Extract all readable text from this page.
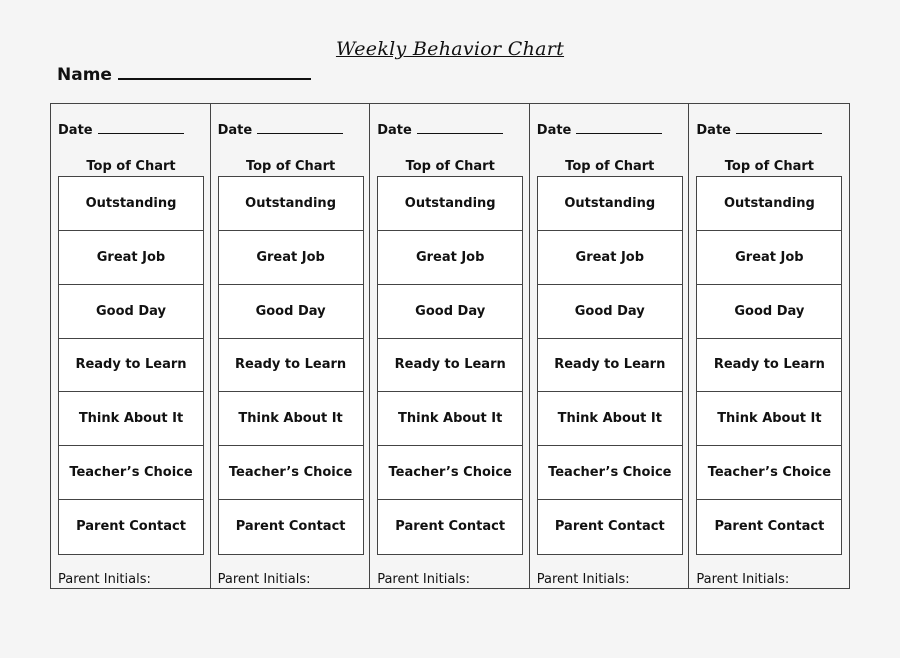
Weekly Behavior Chart
Name
Date
Top of Chart
Outstanding
Great Job
Good Day
Ready to Learn
Think About It
Teacher’s Choice
Parent Contact
Parent Initials:
Date
Top of Chart
Outstanding
Great Job
Good Day
Ready to Learn
Think About It
Teacher’s Choice
Parent Contact
Parent Initials:
Date
Top of Chart
Outstanding
Great Job
Good Day
Ready to Learn
Think About It
Teacher’s Choice
Parent Contact
Parent Initials:
Date
Top of Chart
Outstanding
Great Job
Good Day
Ready to Learn
Think About It
Teacher’s Choice
Parent Contact
Parent Initials:
Date
Top of Chart
Outstanding
Great Job
Good Day
Ready to Learn
Think About It
Teacher’s Choice
Parent Contact
Parent Initials:
